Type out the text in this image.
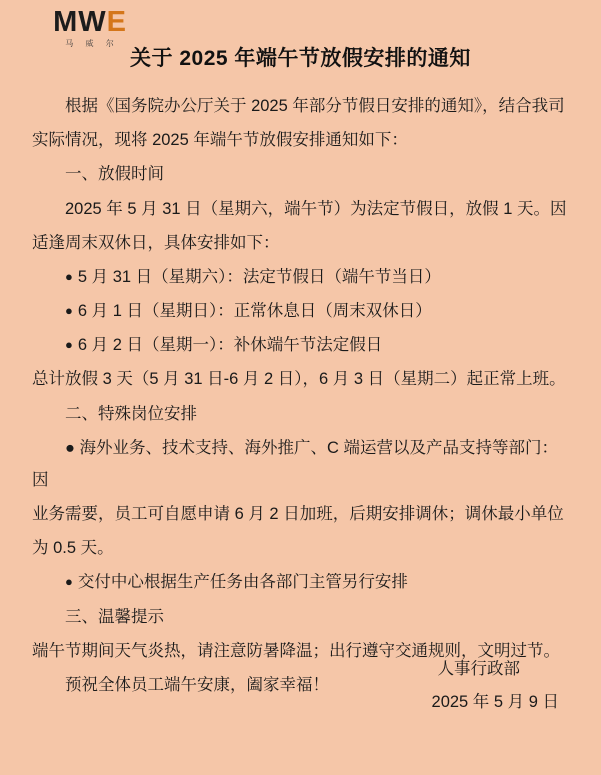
MWE
马 威 尔
关于 2025 年端午节放假安排的通知

根据《国务院办公厅关于 2025 年部分节假日安排的通知》，结合我司

实际情况，现将 2025 年端午节放假安排通知如下：

一、放假时间

2025 年 5 月 31 日（星期六，端午节）为法定节假日，放假 1 天。因

适逢周末双休日，具体安排如下：

● 5 月 31 日（星期六）：法定节假日（端午节当日）

● 6 月 1 日（星期日）：正常休息日（周末双休日）

● 6 月 2 日（星期一）：补休端午节法定假日

总计放假 3 天（5 月 31 日-6 月 2 日），6 月 3 日（星期二）起正常上班。

二、特殊岗位安排

● 海外业务、技术支持、海外推广、C 端运营以及产品支持等部门：因

业务需要，员工可自愿申请 6 月 2 日加班，后期安排调休；调休最小单位

为 0.5 天。

● 交付中心根据生产任务由各部门主管另行安排

三、温馨提示

端午节期间天气炎热，请注意防暑降温；出行遵守交通规则，文明过节。

预祝全体员工端午安康，阖家幸福！

人事行政部
2025 年 5 月 9 日
